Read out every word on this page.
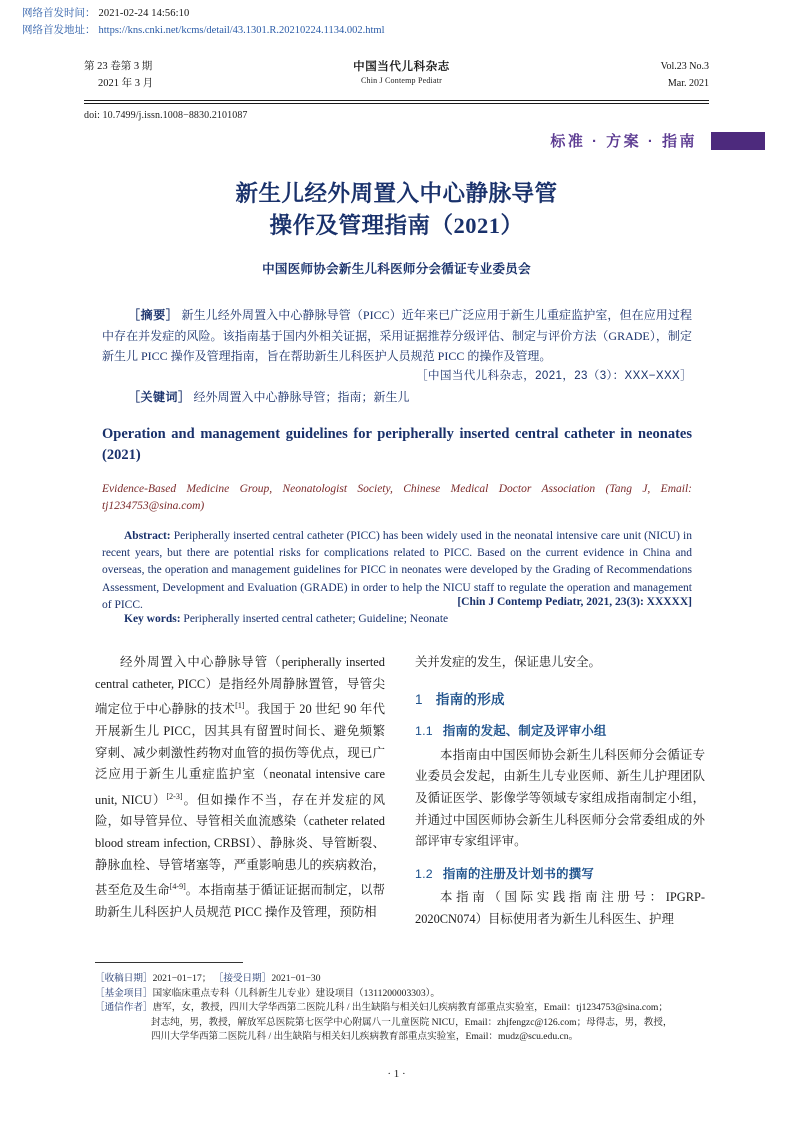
网络首发时间： 2021-02-24 14:56:10
网络首发地址： https://kns.cnki.net/kcms/detail/43.1301.R.20210224.1134.002.html
第 23 卷第 3 期
2021 年 3 月
中国当代儿科杂志
Chin J Contemp Pediatr
Vol.23 No.3
Mar. 2021
doi: 10.7499/j.issn.1008−8830.2101087
标准 · 方案 · 指南
新生儿经外周置入中心静脉导管
操作及管理指南（2021）
中国医师协会新生儿科医师分会循证专业委员会
［摘要］ 新生儿经外周置入中心静脉导管（PICC）近年来已广泛应用于新生儿重症监护室，但在应用过程中存在并发症的风险。该指南基于国内外相关证据，采用证据推荐分级评估、制定与评价方法（GRADE），制定新生儿 PICC 操作及管理指南，旨在帮助新生儿科医护人员规范 PICC 的操作及管理。
［中国当代儿科杂志，2021，23（3）：XXX−XXX］
［关键词］ 经外周置入中心静脉导管；指南；新生儿
Operation and management guidelines for peripherally inserted central catheter in neonates (2021)
Evidence-Based Medicine Group, Neonatologist Society, Chinese Medical Doctor Association (Tang J, Email: tj1234753@sina.com)
Abstract: Peripherally inserted central catheter (PICC) has been widely used in the neonatal intensive care unit (NICU) in recent years, but there are potential risks for complications related to PICC. Based on the current evidence in China and overseas, the operation and management guidelines for PICC in neonates were developed by the Grading of Recommendations Assessment, Development and Evaluation (GRADE) in order to help the NICU staff to regulate the operation and management of PICC.	[Chin J Contemp Pediatr, 2021, 23(3): XXXXX]
Key words: Peripherally inserted central catheter; Guideline; Neonate

经外周置入中心静脉导管（peripherally inserted central catheter, PICC）是指经外周静脉置管，导管尖端定位于中心静脉的技术[1]。我国于 20 世纪 90 年代开展新生儿 PICC，因其具有留置时间长、避免频繁穿刺、减少刺激性药物对血管的损伤等优点，现已广泛应用于新生儿重症监护室（neonatal intensive care unit, NICU）[2-3]。但如操作不当，存在并发症的风险，如导管异位、导管相关血流感染（catheter related blood stream infection, CRBSI）、静脉炎、导管断裂、静脉血栓、导管堵塞等，严重影响患儿的疾病救治，甚至危及生命[4-9]。本指南基于循证证据而制定，以帮助新生儿科医护人员规范 PICC 操作及管理，预防相

关并发症的发生，保证患儿安全。

1 指南的形成
1.1 指南的发起、制定及评审小组

本指南由中国医师协会新生儿科医师分会循证专业委员会发起，由新生儿专业医师、新生儿护理团队及循证医学、影像学等领域专家组成指南制定小组，并通过中国医师协会新生儿科医师分会常委组成的外部评审专家组评审。

1.2 指南的注册及计划书的撰写

本指南（国际实践指南注册号：IPGRP-2020CN074）目标使用者为新生儿科医生、护理

［收稿日期］2021−01−17； ［接受日期］2021−01−30
［基金项目］国家临床重点专科（儿科新生儿专业）建设项目（1311200003303）。
［通信作者］唐军，女，教授，四川大学华西第二医院儿科 / 出生缺陷与相关妇儿疾病教育部重点实验室，Email：tj1234753@sina.com；
封志纯，男，教授，解放军总医院第七医学中心附属八一儿童医院 NICU，Email：zhjfengzc@126.com；母得志，男，教授，
四川大学华西第二医院儿科 / 出生缺陷与相关妇儿疾病教育部重点实验室，Email：mudz@scu.edu.cn。
· 1 ·
